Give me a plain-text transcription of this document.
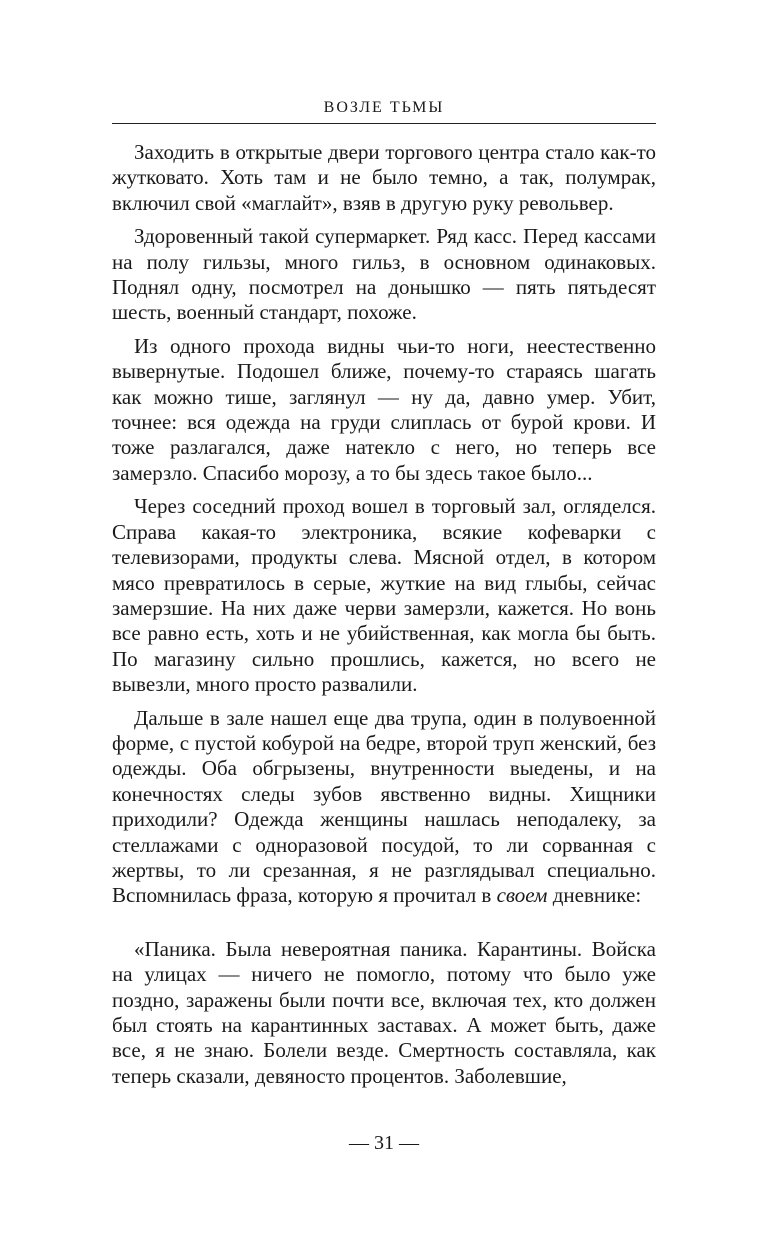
ВОЗЛЕ ТЬМЫ

Заходить в открытые двери торгового центра стало как-то жутковато. Хоть там и не было темно, а так, полумрак, включил свой «маглайт», взяв в другую руку револьвер.

Здоровенный такой супермаркет. Ряд касс. Перед кассами на полу гильзы, много гильз, в основном одинаковых. Поднял одну, посмотрел на донышко — пять пятьдесят шесть, военный стандарт, похоже.

Из одного прохода видны чьи-то ноги, неестественно вывернутые. Подошел ближе, почему-то стараясь шагать как можно тише, заглянул — ну да, давно умер. Убит, точнее: вся одежда на груди слиплась от бурой крови. И тоже разлагался, даже натекло с него, но теперь все замерзло. Спасибо морозу, а то бы здесь такое было...

Через соседний проход вошел в торговый зал, огляделся. Справа какая-то электроника, всякие кофеварки с телевизорами, продукты слева. Мясной отдел, в котором мясо превратилось в серые, жуткие на вид глыбы, сейчас замерзшие. На них даже черви замерзли, кажется. Но вонь все равно есть, хоть и не убийственная, как могла бы быть. По магазину сильно прошлись, кажется, но всего не вывезли, много просто развалили.

Дальше в зале нашел еще два трупа, один в полувоенной форме, с пустой кобурой на бедре, второй труп женский, без одежды. Оба обгрызены, внутренности выедены, и на конечностях следы зубов явственно видны. Хищники приходили? Одежда женщины нашлась неподалеку, за стеллажами с одноразовой посудой, то ли сорванная с жертвы, то ли срезанная, я не разглядывал специально. Вспомнилась фраза, которую я прочитал в своем дневнике:

«Паника. Была невероятная паника. Карантины. Войска на улицах — ничего не помогло, потому что было уже поздно, заражены были почти все, включая тех, кто должен был стоять на карантинных заставах. А может быть, даже все, я не знаю. Болели везде. Смертность составляла, как теперь сказали, девяносто процентов. Заболевшие,

— 31 —
